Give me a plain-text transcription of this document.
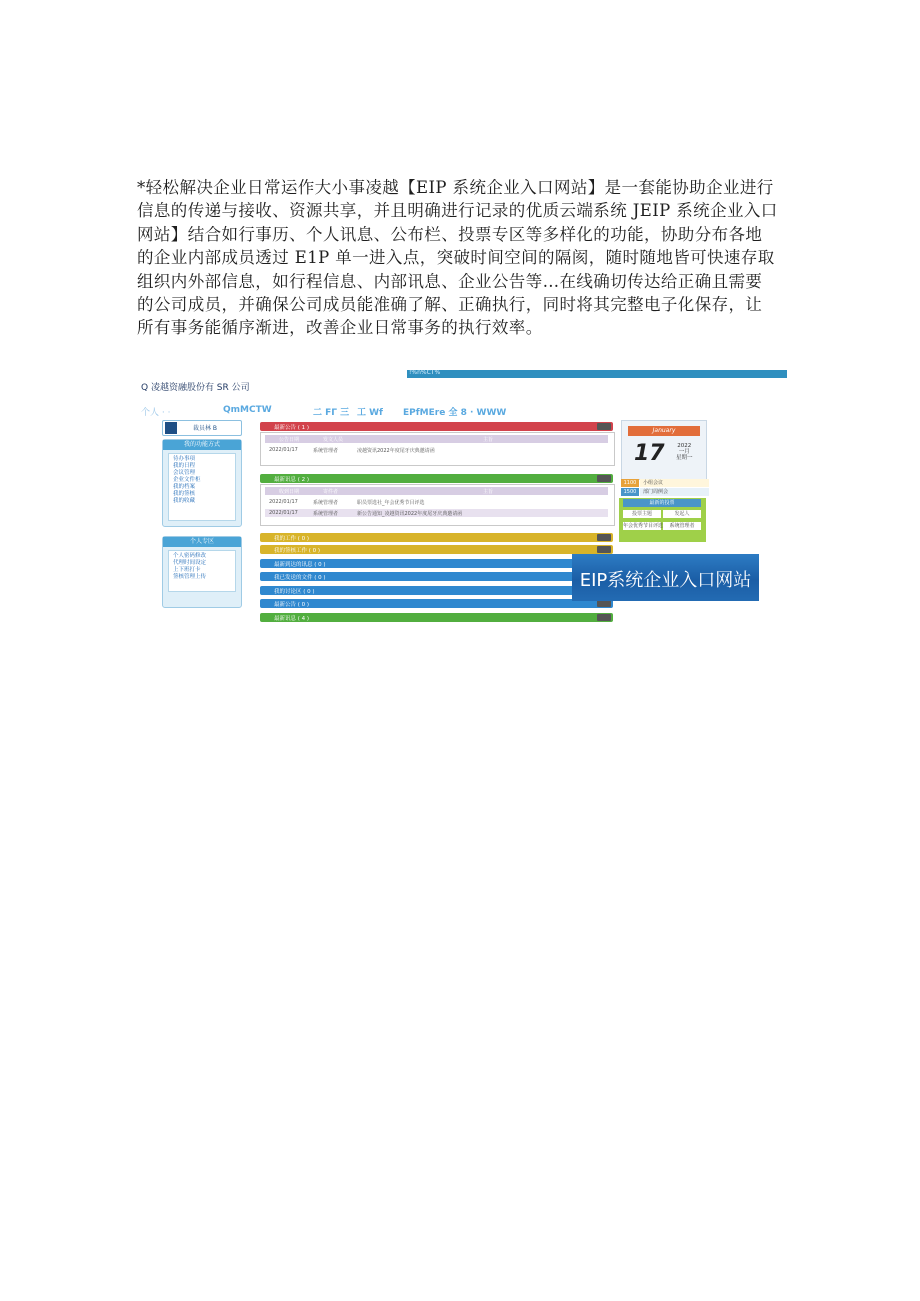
*轻松解决企业日常运作大小事凌越【EIP 系统企业入口网站】是一套能协助企业进行
信息的传递与接收、资源共享，并且明确进行记录的优质云端系统 JEIP 系统企业入口
网站】结合如行事历、个人讯息、公布栏、投票专区等多样化的功能，协助分布各地
的企业内部成员透过 E1P 单一进入点，突破时间空间的隔阂，随时随地皆可快速存取
组织内外部信息，如行程信息、内部讯息、企业公告等…在线确切传达给正确且需要
的公司成员，并确保公司成员能准确了解、正确执行，同时将其完整电子化保存，让
所有事务能循序渐进，改善企业日常事务的执行效率。
!%n%CT%
Q 凌越资融股份有 SR 公司
个人 · ·	QmMCTW	二 FΓ 三 工 Wf EPfMEre 全 8 · WWW
裁员林 B
我的功能方式
待办事项
我的日程
会议管理
企业文件柜
我的档案
我的签核
我的收藏
个人专区
个人密码修改
代理时间设定
上下班打卡
签核管理上传
最新公告 ( 1 )
公告日期	发文人员	主旨
2022/01/17	系统管理者	凌越资讯2022年度尾牙庆典邀请函
最新讯息 ( 2 )
收到日期	寄件者	主旨
2022/01/17	系统管理者	职员票选社_年会优秀节目评选
2022/01/17	系统管理者	新公告通知_凌越资讯2022年度尾牙庆典邀请函
我的工作 ( 0 )
我的签核工作 ( 0 )
最新到达的讯息 ( 0 )
我已发送的文件 ( 0 )
我的讨论区 ( 0 )
最新公告 ( 0 )
最新讯息 ( 4 )
January
17 2022
一月
星期一
1100	小组会议
1500	部门周例会
最新的投票
投票主题	发起人
年会优秀节目评选	系统管理者
EIP系统企业入口网站
